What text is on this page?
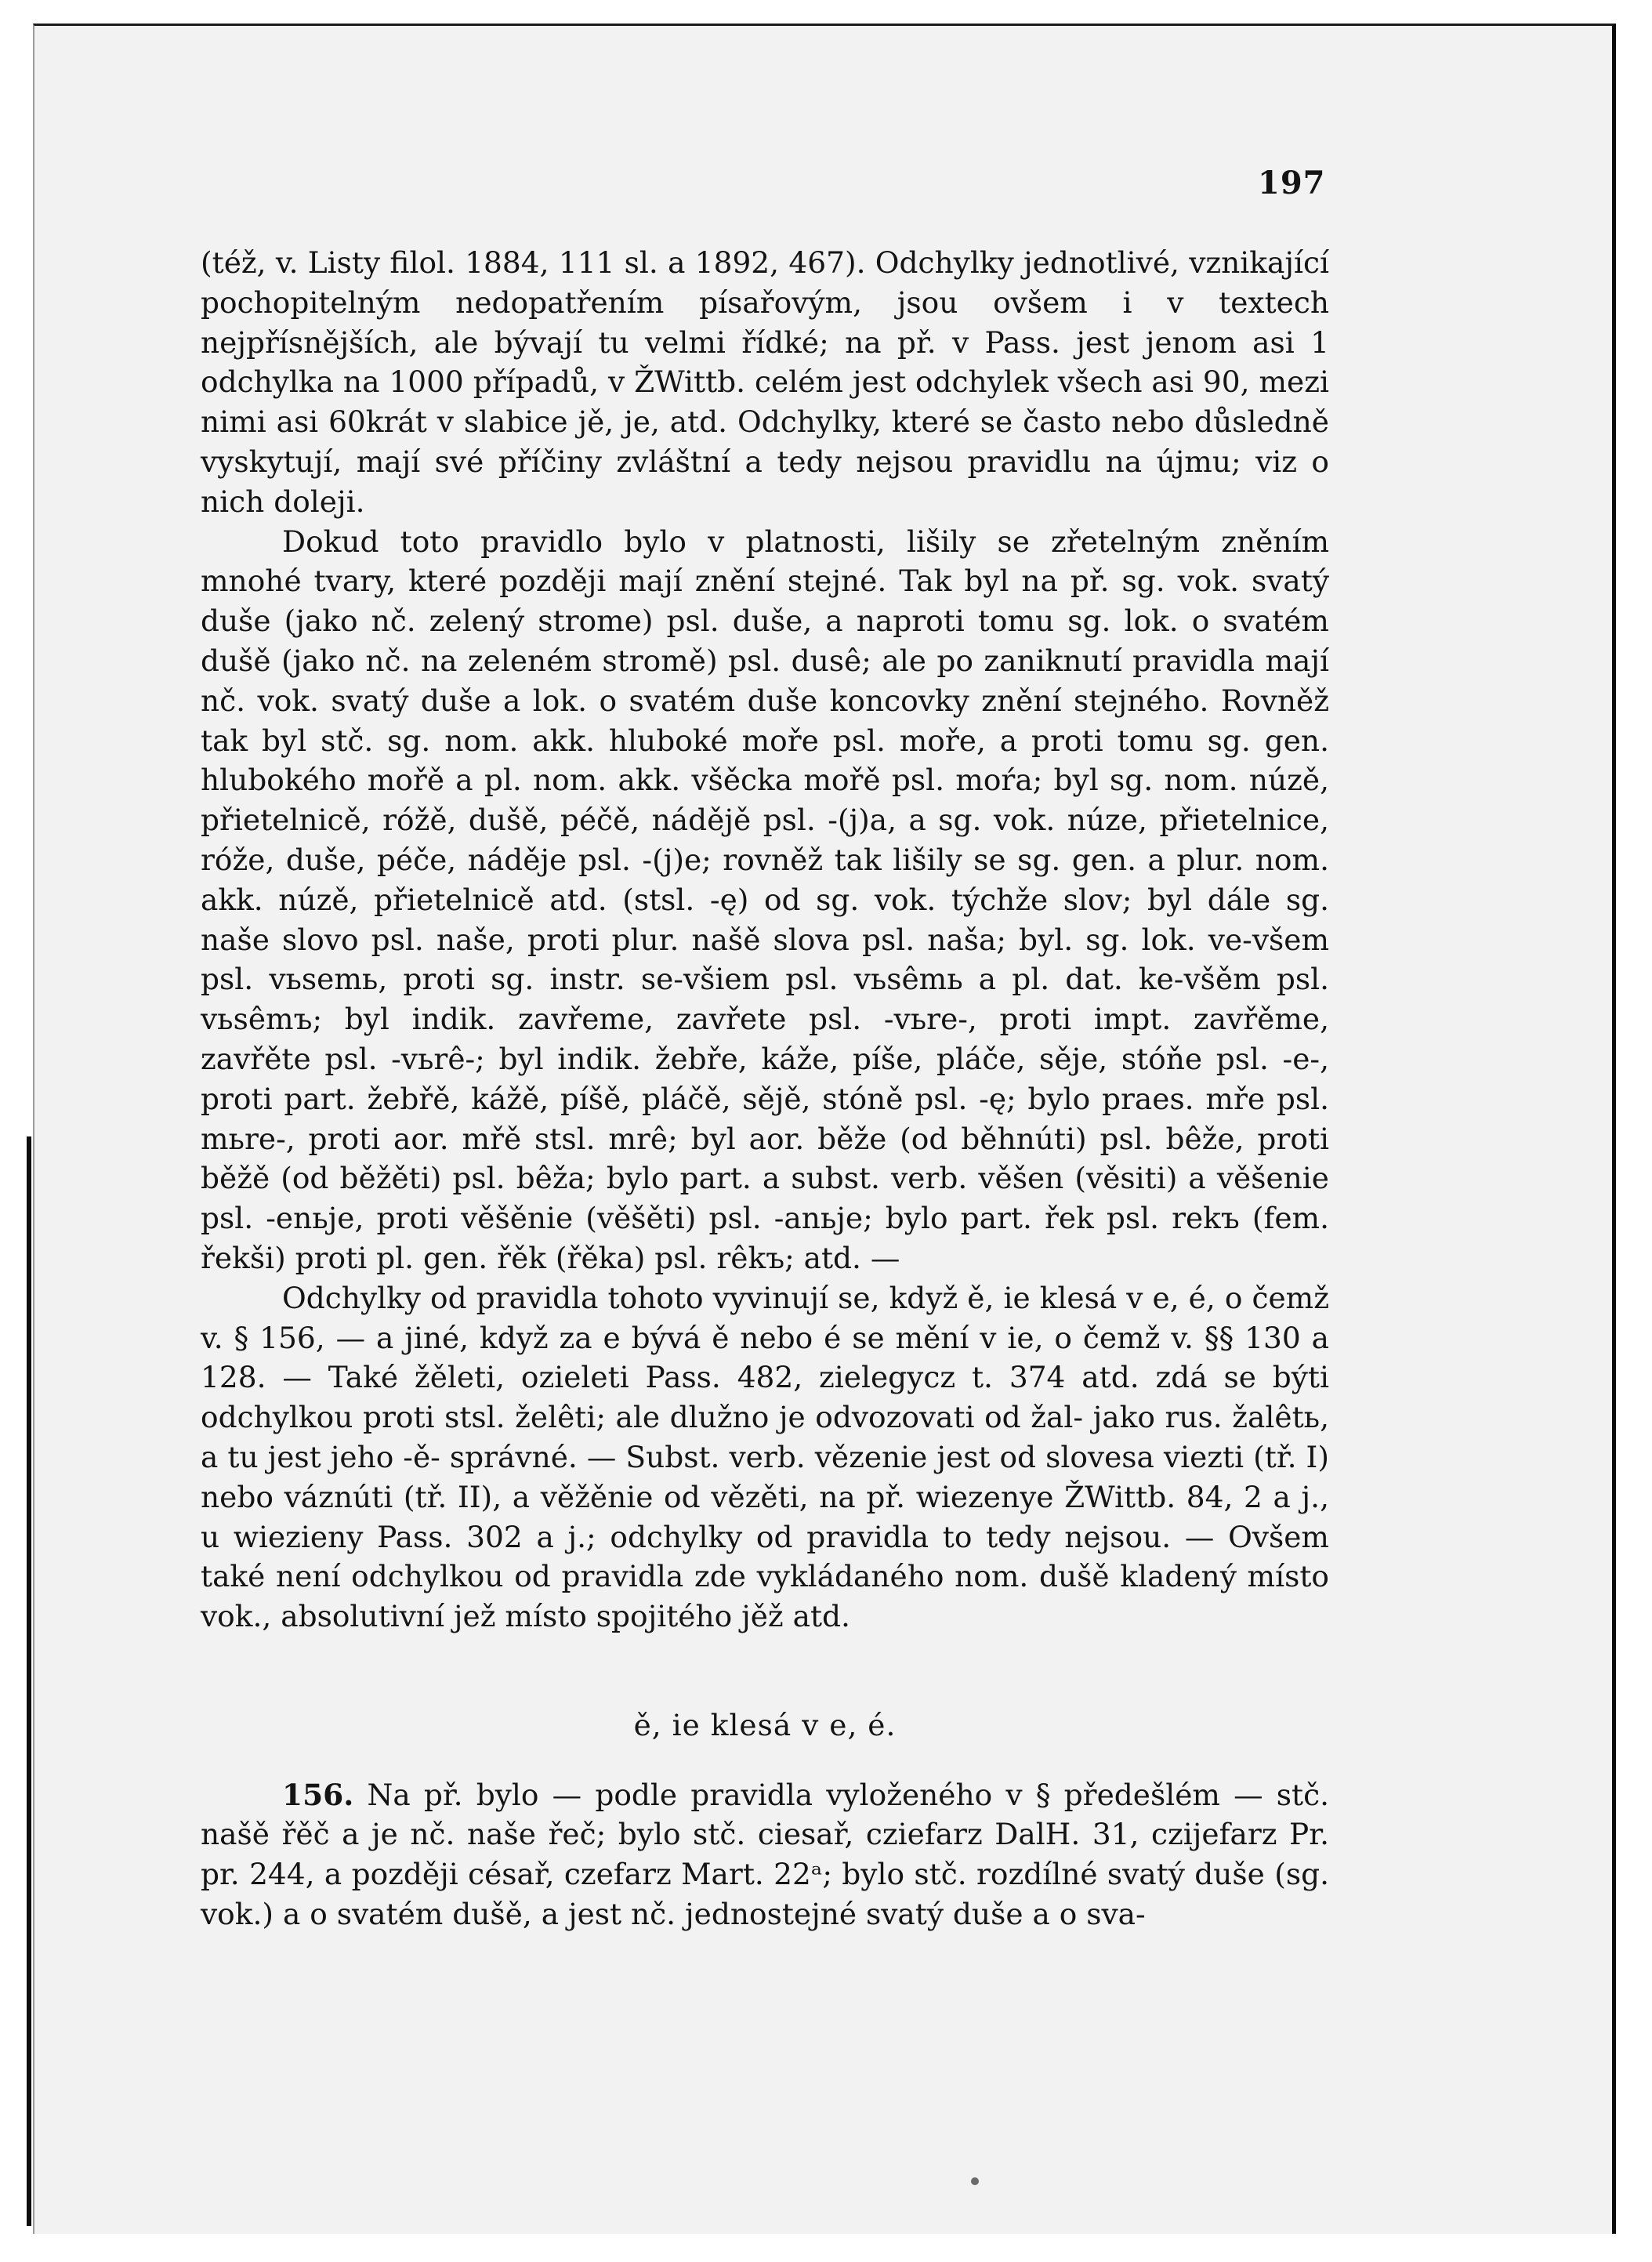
197

(též, v. Listy filol. 1884, 111 sl. a 1892, 467). Odchylky jednotlivé, vznikající pochopitelným nedopatřením písařovým, jsou ovšem i v textech nejpřísnějších, ale bývají tu velmi řídké; na př. v Pass. jest jenom asi 1 odchylka na 1000 případů, v ŽWittb. celém jest odchylek všech asi 90, mezi nimi asi 60krát v slabice jě, je, atd. Odchylky, které se často nebo důsledně vyskytují, mají své příčiny zvláštní a tedy nejsou pravidlu na újmu; viz o nich doleji.

Dokud toto pravidlo bylo v platnosti, lišily se zřetelným zněním mnohé tvary, které později mají znění stejné. Tak byl na př. sg. vok. svatý duše (jako nč. zelený strome) psl. duše, a naproti tomu sg. lok. o svatém dušě (jako nč. na zeleném stromě) psl. dusê; ale po zaniknutí pravidla mají nč. vok. svatý duše a lok. o svatém duše koncovky znění stejného. Rovněž tak byl stč. sg. nom. akk. hluboké moře psl. moře, a proti tomu sg. gen. hlubokého mořě a pl. nom. akk. všěcka mořě psl. moŕa; byl sg. nom. núzě, přietelnicě, róžě, dušě, péčě, nádějě psl. -(j)a, a sg. vok. núze, přietelnice, róže, duše, péče, náděje psl. -(j)e; rovněž tak lišily se sg. gen. a plur. nom. akk. núzě, přietelnicě atd. (stsl. -ę) od sg. vok. týchže slov; byl dále sg. naše slovo psl. naše, proti plur. našě slova psl. naša; byl. sg. lok. ve-všem psl. vьsemь, proti sg. instr. se-všiem psl. vьsêmь a pl. dat. ke-všěm psl. vьsêmъ; byl indik. zavřeme, zavřete psl. -vьre-, proti impt. zavřěme, zavřěte psl. -vьrê-; byl indik. žebře, káže, píše, pláče, sěje, stóňe psl. -e-, proti part. žebřě, kážě, píšě, pláčě, sějě, stóně psl. -ę; bylo praes. mře psl. mьre-, proti aor. mřě stsl. mrê; byl aor. běže (od běhnúti) psl. bêže, proti běžě (od běžěti) psl. bêža; bylo part. a subst. verb. věšen (věsiti) a věšenie psl. -enьje, proti věšěnie (věšěti) psl. -anьje; bylo part. řek psl. rekъ (fem. řekši) proti pl. gen. řěk (řěka) psl. rêkъ; atd. —

Odchylky od pravidla tohoto vyvinují se, když ě, ie klesá v e, é, o čemž v. § 156, — a jiné, když za e bývá ě nebo é se mění v ie, o čemž v. §§ 130 a 128. — Také žěleti, ozieleti Pass. 482, zielegycz t. 374 atd. zdá se býti odchylkou proti stsl. želêti; ale dlužno je odvozovati od žal- jako rus. žalêtь, a tu jest jeho -ě- správné. — Subst. verb. vězenie jest od slovesa viezti (tř. I) nebo váznúti (tř. II), a věžěnie od vězěti, na př. wiezenye ŽWittb. 84, 2 a j., u wiezieny Pass. 302 a j.; odchylky od pravidla to tedy nejsou. — Ovšem také není odchylkou od pravidla zde vykládaného nom. dušě kladený místo vok., absolutivní jež místo spojitého jěž atd.

ě, ie klesá v e, é.

156. Na př. bylo — podle pravidla vyloženého v § předešlém — stč. našě řěč a je nč. naše řeč; bylo stč. ciesař, cziefarz DalH. 31, czijefarz Pr. pr. 244, a později césař, czefarz Mart. 22ᵃ; bylo stč. rozdílné svatý duše (sg. vok.) a o svatém dušě, a jest nč. jednostejné svatý duše a o sva-
